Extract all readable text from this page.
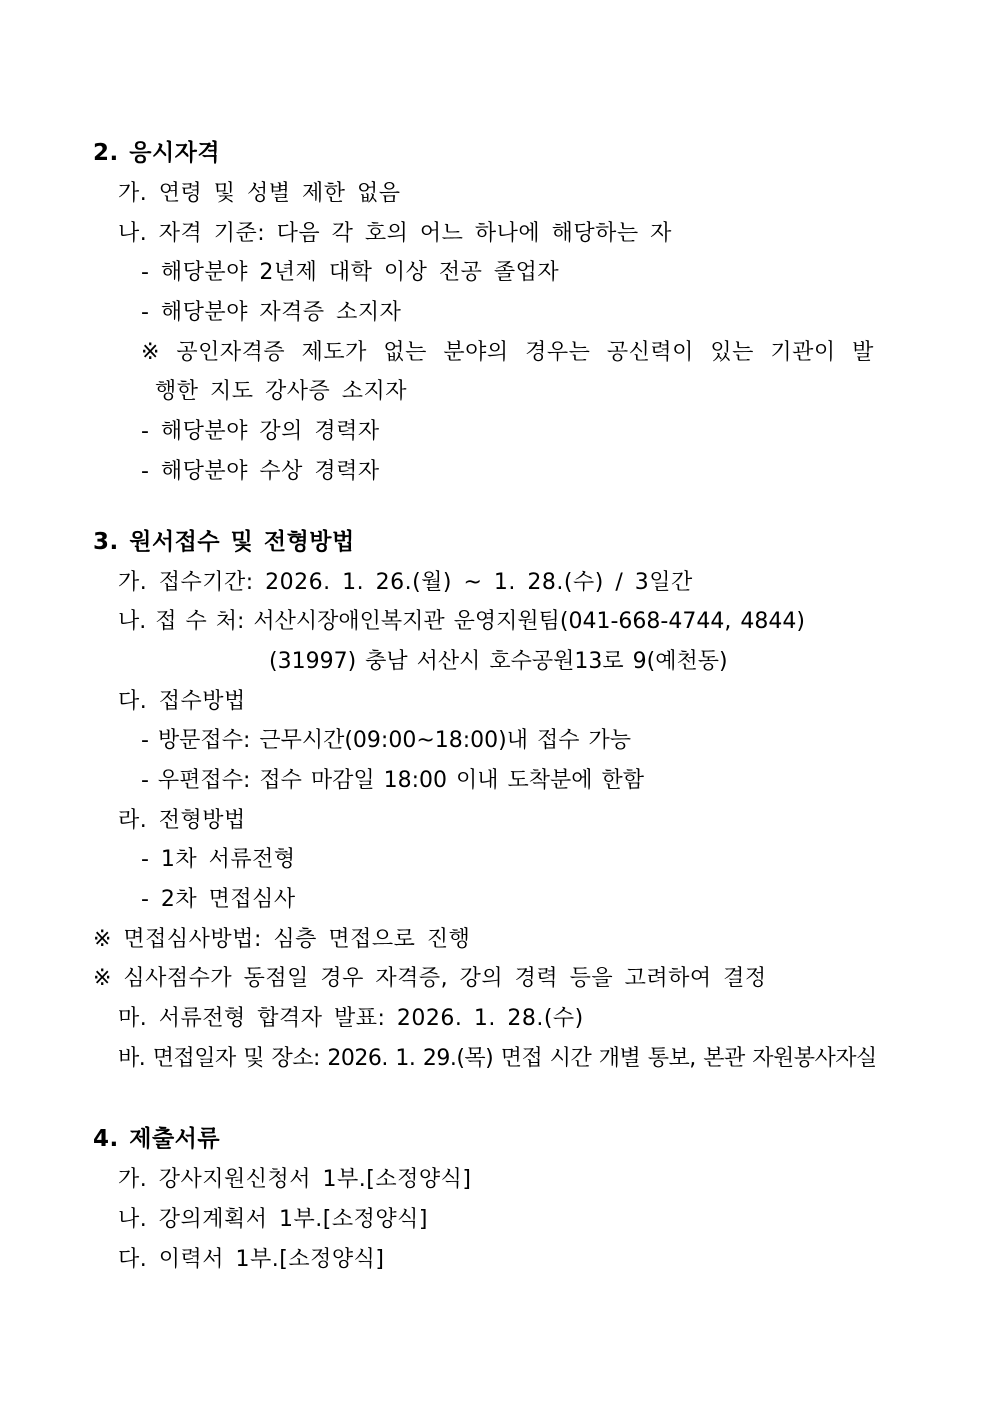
2. 응시자격
가. 연령 및 성별 제한 없음
나. 자격 기준: 다음 각 호의 어느 하나에 해당하는 자
- 해당분야 2년제 대학 이상 전공 졸업자
- 해당분야 자격증 소지자
※ 공인자격증 제도가 없는 분야의 경우는 공신력이 있는 기관이 발
행한 지도 강사증 소지자
- 해당분야 강의 경력자
- 해당분야 수상 경력자
3. 원서접수 및 전형방법
가. 접수기간: 2026. 1. 26.(월) ~ 1. 28.(수) / 3일간
나. 접 수 처: 서산시장애인복지관 운영지원팀(041-668-4744, 4844)
(31997) 충남 서산시 호수공원13로 9(예천동)
다. 접수방법
- 방문접수: 근무시간(09:00~18:00)내 접수 가능
- 우편접수: 접수 마감일 18:00 이내 도착분에 한함
라. 전형방법
- 1차 서류전형
- 2차 면접심사
※ 면접심사방법: 심층 면접으로 진행
※ 심사점수가 동점일 경우 자격증, 강의 경력 등을 고려하여 결정
마. 서류전형 합격자 발표: 2026. 1. 28.(수)
바. 면접일자 및 장소: 2026. 1. 29.(목) 면접 시간 개별 통보, 본관 자원봉사자실
4. 제출서류
가. 강사지원신청서 1부.[소정양식]
나. 강의계획서 1부.[소정양식]
다. 이력서 1부.[소정양식]
